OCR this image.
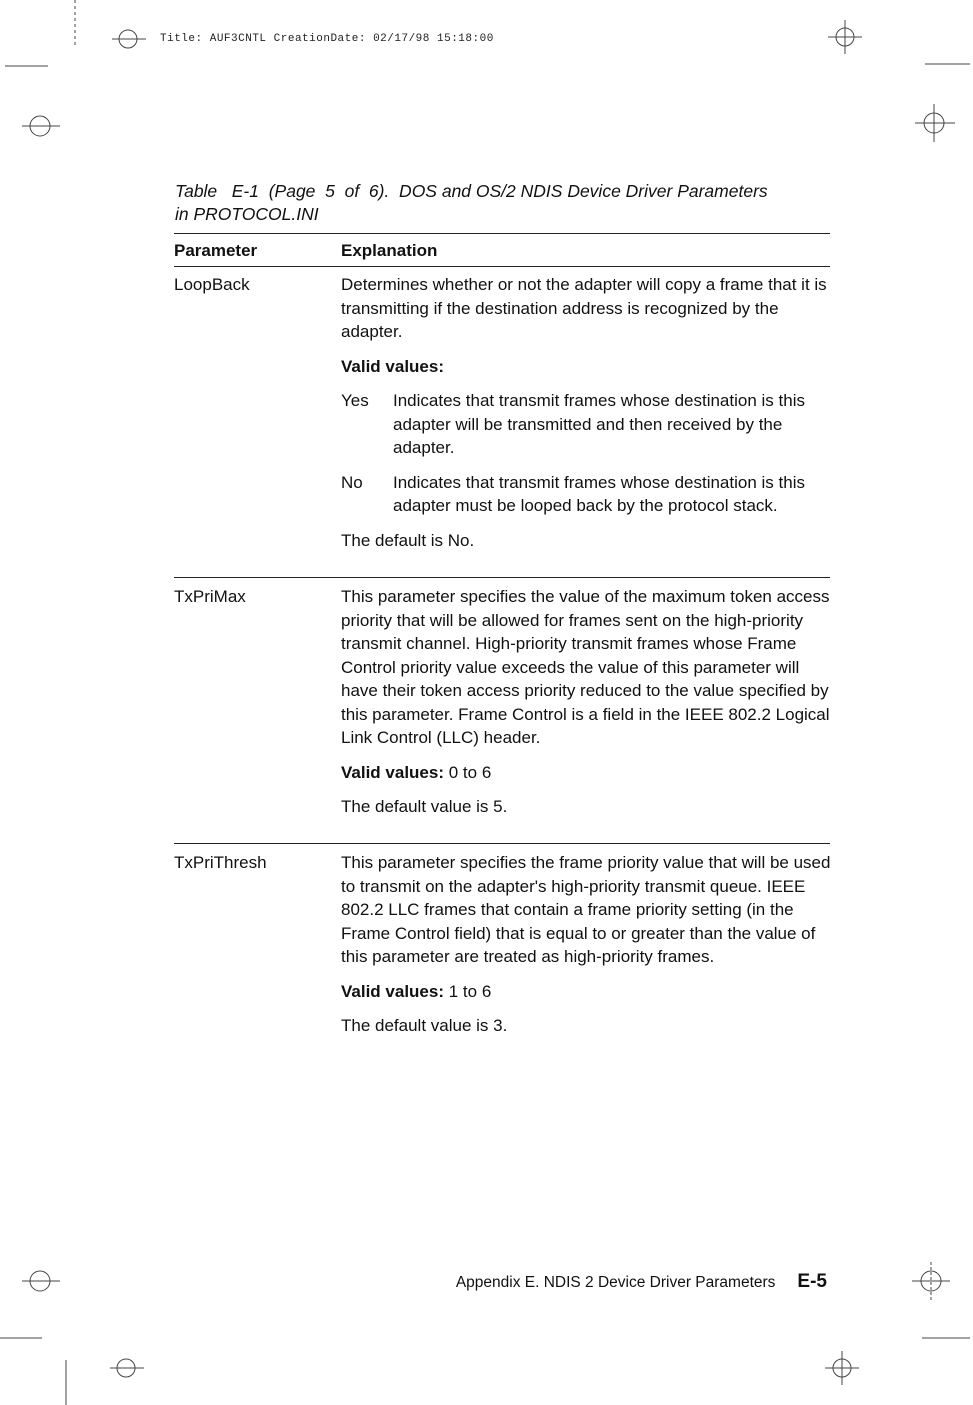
Title: AUF3CNTL CreationDate: 02/17/98 15:18:00
Table   E-1  (Page  5  of  6).  DOS and OS/2 NDIS Device Driver Parameters
in PROTOCOL.INI
Parameter	Explanation
LoopBack	Determines whether or not the adapter will copy a frame that it is transmitting if the destination address is recognized by the adapter.

Valid values:

Yes	Indicates that transmit frames whose destination is this adapter will be transmitted and then received by the adapter.
No	Indicates that transmit frames whose destination is this adapter must be looped back by the protocol stack.

The default is No.

TxPriMax	This parameter specifies the value of the maximum token access priority that will be allowed for frames sent on the high-priority transmit channel. High-priority transmit frames whose Frame Control priority value exceeds the value of this parameter will have their token access priority reduced to the value specified by this parameter. Frame Control is a field in the IEEE 802.2 Logical Link Control (LLC) header.

Valid values: 0 to 6

The default value is 5.

TxPriThresh	This parameter specifies the frame priority value that will be used to transmit on the adapter's high-priority transmit queue. IEEE 802.2 LLC frames that contain a frame priority setting (in the Frame Control field) that is equal to or greater than the value of this parameter are treated as high-priority frames.

Valid values: 1 to 6

The default value is 3.

Appendix E. NDIS 2 Device Driver Parameters E-5
